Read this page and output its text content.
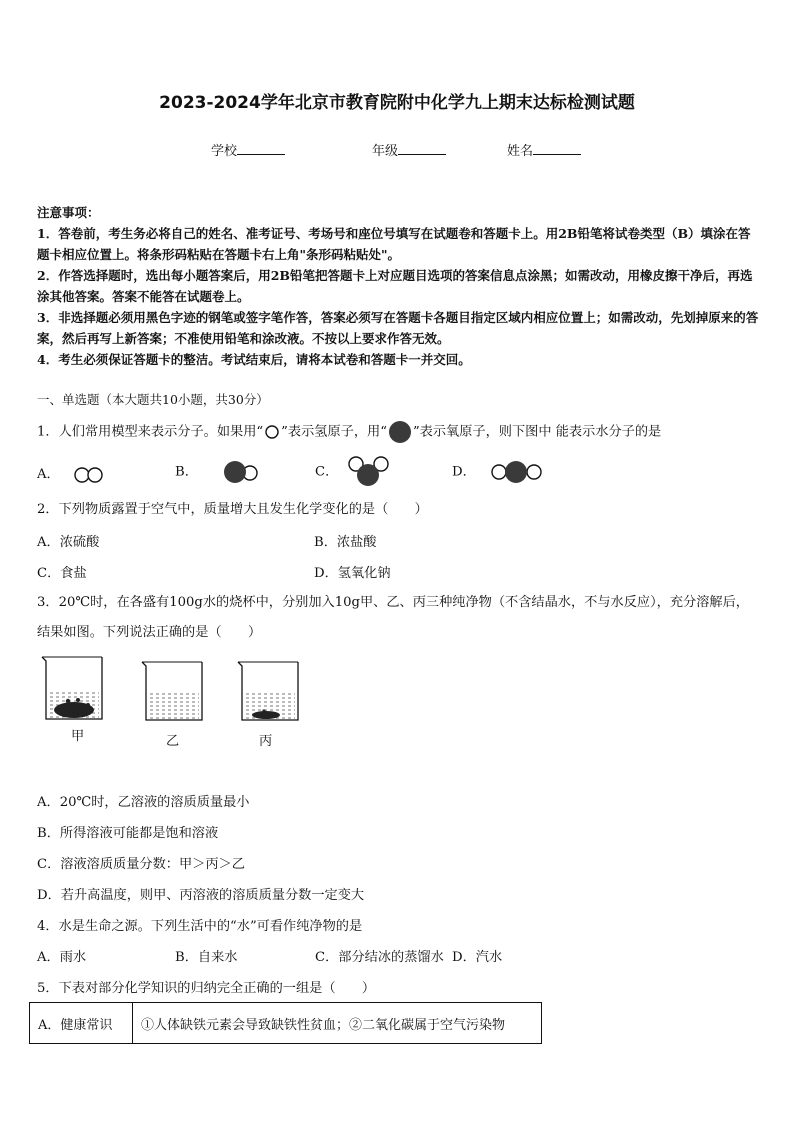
2023-2024学年北京市教育院附中化学九上期末达标检测试题
学校	年级	姓名

注意事项：

1．答卷前，考生务必将自己的姓名、准考证号、考场号和座位号填写在试题卷和答题卡上。用2B铅笔将试卷类型（B）填涂在答题卡相应位置上。将条形码粘贴在答题卡右上角"条形码粘贴处"。

2．作答选择题时，选出每小题答案后，用2B铅笔把答题卡上对应题目选项的答案信息点涂黑；如需改动，用橡皮擦干净后，再选涂其他答案。答案不能答在试题卷上。

3．非选择题必须用黑色字迹的钢笔或签字笔作答，答案必须写在答题卡各题目指定区域内相应位置上；如需改动，先划掉原来的答案，然后再写上新答案；不准使用铅笔和涂改液。不按以上要求作答无效。

4．考生必须保证答题卡的整洁。考试结束后，请将本试卷和答题卡一并交回。

一、单选题（本大题共10小题，共30分）
1．人们常用模型来表示分子。如果用“ ”表示氢原子，用“ ”表示氧原子，则下图中 能表示水分子的是
A．	B．	C．	D．
2．下列物质露置于空气中，质量增大且发生化学变化的是（　　）
A．浓硫酸	B．浓盐酸
C．食盐	D．氢氧化钠
3．20℃时，在各盛有100g水的烧杯中，分别加入10g甲、乙、丙三种纯净物（不含结晶水，不与水反应），充分溶解后，结果如图。下列说法正确的是（　　）
甲	乙	丙
A．20℃时，乙溶液的溶质质量最小
B．所得溶液可能都是饱和溶液
C．溶液溶质质量分数：甲＞丙＞乙
D．若升高温度，则甲、丙溶液的溶质质量分数一定变大
4．水是生命之源。下列生活中的“水”可看作纯净物的是
A．雨水	B．自来水	C．部分结冰的蒸馏水 D．汽水
5．下表对部分化学知识的归纳完全正确的一组是（　　）
A．健康常识	①人体缺铁元素会导致缺铁性贫血；②二氧化碳属于空气污染物
